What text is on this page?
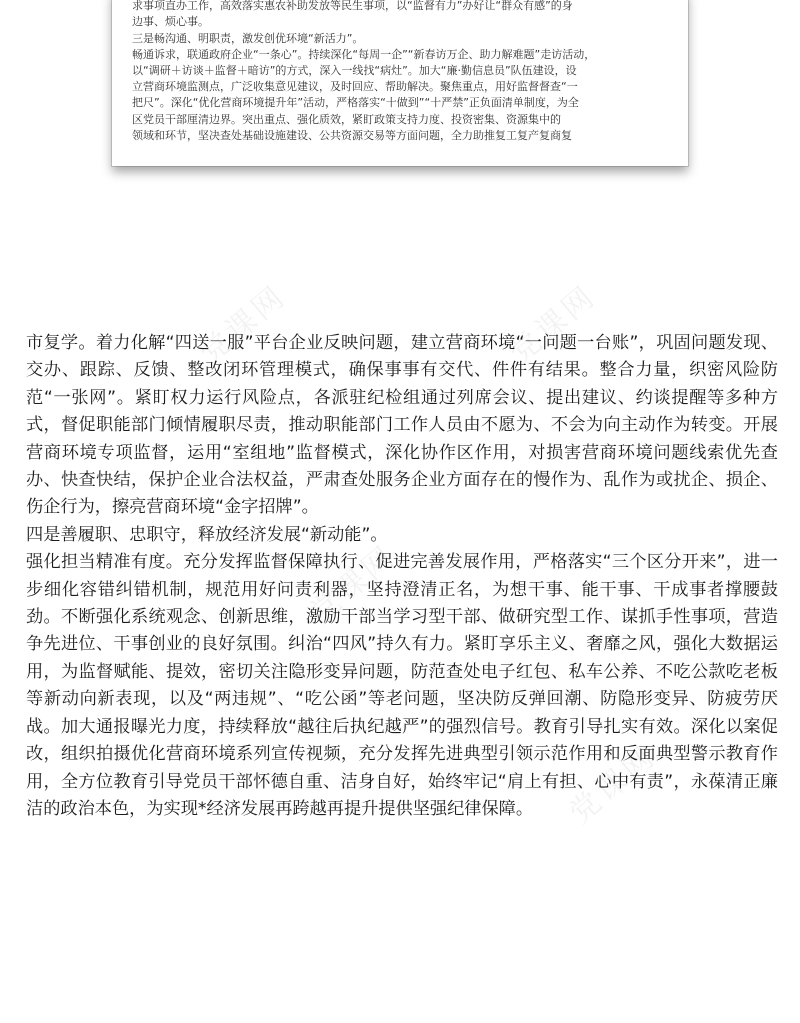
求事项直办工作，高效落实惠农补助发放等民生事项，以“监督有力”办好让“群众有感”的身

边事、烦心事。

三是畅沟通、明职责，激发创优环境“新活力”。

畅通诉求，联通政府企业“一条心”。持续深化“每周一企”“新春访万企、助力解难题”走访活动，

以“调研＋访谈＋监督＋暗访”的方式，深入一线找“病灶”。加大“廉·勤信息员”队伍建设，设

立营商环境监测点，广泛收集意见建议，及时回应、帮助解决。聚焦重点，用好监督督查“一

把尺”。深化“优化营商环境提升年”活动，严格落实“十做到”“十严禁”正负面清单制度，为全

区党员干部厘清边界。突出重点、强化质效，紧盯政策支持力度、投资密集、资源集中的

领域和环节，坚决查处基础设施建设、公共资源交易等方面问题，全力助推复工复产复商复

党课网	党课网
党课网
党课网

市复学。着力化解“四送一服”平台企业反映问题，建立营商环境“一问题一台账”，巩固问题发现、交办、跟踪、反馈、整改闭环管理模式，确保事事有交代、件件有结果。整合力量，织密风险防范“一张网”。紧盯权力运行风险点，各派驻纪检组通过列席会议、提出建议、约谈提醒等多种方式，督促职能部门倾情履职尽责，推动职能部门工作人员由不愿为、不会为向主动作为转变。开展营商环境专项监督，运用“室组地”监督模式，深化协作区作用，对损害营商环境问题线索优先查办、快查快结，保护企业合法权益，严肃查处服务企业方面存在的慢作为、乱作为或扰企、损企、伤企行为，擦亮营商环境“金字招牌”。

四是善履职、忠职守，释放经济发展“新动能”。

强化担当精准有度。充分发挥监督保障执行、促进完善发展作用，严格落实“三个区分开来”，进一步细化容错纠错机制，规范用好问责利器，坚持澄清正名，为想干事、能干事、干成事者撑腰鼓劲。不断强化系统观念、创新思维，激励干部当学习型干部、做研究型工作、谋抓手性事项，营造争先进位、干事创业的良好氛围。纠治“四风”持久有力。紧盯享乐主义、奢靡之风，强化大数据运用，为监督赋能、提效，密切关注隐形变异问题，防范查处电子红包、私车公养、不吃公款吃老板等新动向新表现，以及“两违规”、“吃公函”等老问题，坚决防反弹回潮、防隐形变异、防疲劳厌战。加大通报曝光力度，持续释放“越往后执纪越严”的强烈信号。教育引导扎实有效。深化以案促改，组织拍摄优化营商环境系列宣传视频，充分发挥先进典型引领示范作用和反面典型警示教育作用，全方位教育引导党员干部怀德自重、洁身自好，始终牢记“肩上有担、心中有责”，永葆清正廉洁的政治本色，为实现*经济发展再跨越再提升提供坚强纪律保障。
